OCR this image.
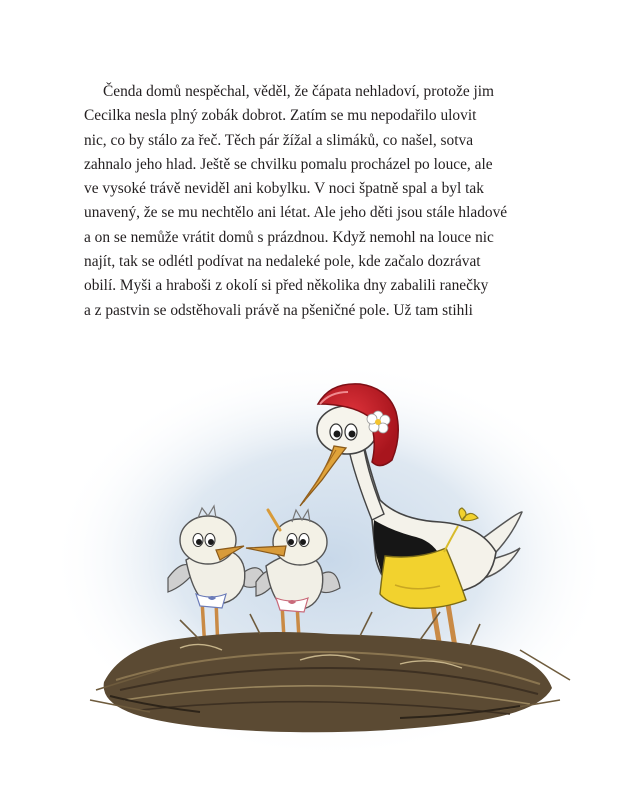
Čenda domů nespěchal, věděl, že čápata nehladoví, protože jim
Cecilka nesla plný zobák dobrot. Zatím se mu nepodařilo ulovit
nic, co by stálo za řeč. Těch pár žížal a slimáků, co našel, sotva
zahnalo jeho hlad. Ještě se chvilku pomalu procházel po louce, ale
ve vysoké trávě neviděl ani kobylku. V noci špatně spal a byl tak
unavený, že se mu nechtělo ani létat. Ale jeho děti jsou stále hladové
a on se nemůže vrátit domů s prázdnou. Když nemohl na louce nic
najít, tak se odlétl podívat na nedaleké pole, kde začalo dozrávat
obilí. Myši a hraboši z okolí si před několika dny zabalili ranečky
a z pastvin se odstěhovali právě na pšeničné pole. Už tam stihli
